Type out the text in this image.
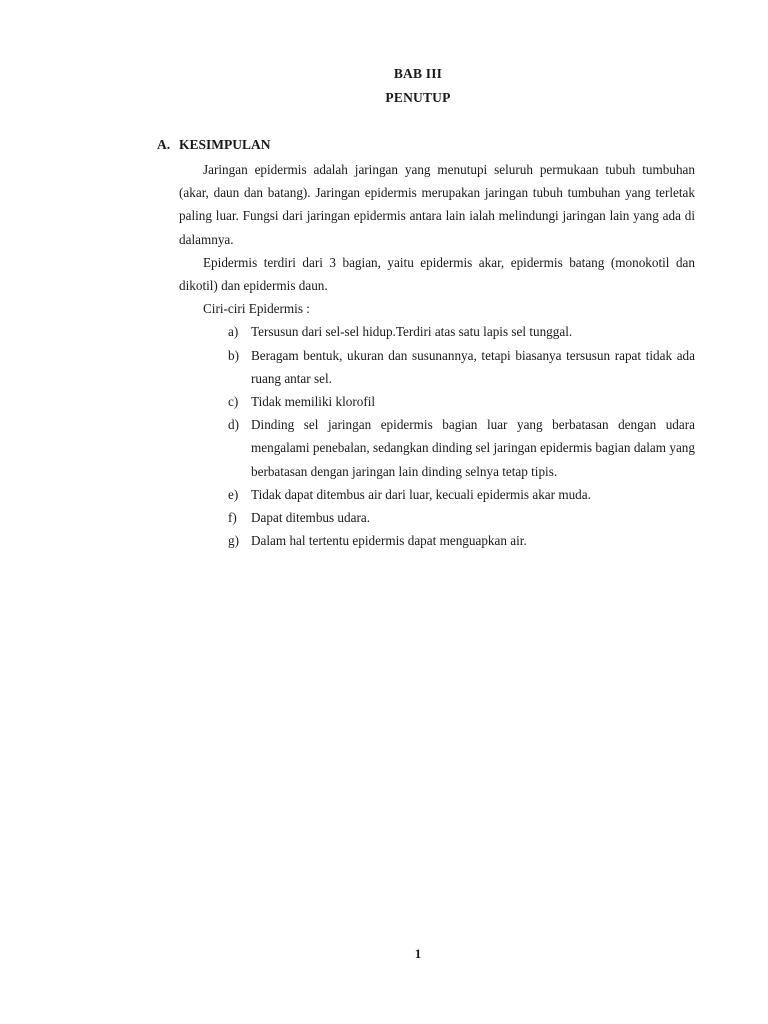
BAB III
PENUTUP
A. KESIMPULAN

Jaringan epidermis adalah jaringan yang menutupi seluruh permukaan tubuh tumbuhan (akar, daun dan batang). Jaringan epidermis merupakan jaringan tubuh tumbuhan yang terletak paling luar. Fungsi dari jaringan epidermis antara lain ialah melindungi jaringan lain yang ada di dalamnya.

Epidermis terdiri dari 3 bagian, yaitu epidermis akar, epidermis batang (monokotil dan dikotil) dan epidermis daun.

Ciri-ciri Epidermis :

a) Tersusun dari sel-sel hidup.Terdiri atas satu lapis sel tunggal.
b) Beragam bentuk, ukuran dan susunannya, tetapi biasanya tersusun rapat tidak ada ruang antar sel.
c) Tidak memiliki klorofil
d) Dinding sel jaringan epidermis bagian luar yang berbatasan dengan udara mengalami penebalan, sedangkan dinding sel jaringan epidermis bagian dalam yang berbatasan dengan jaringan lain dinding selnya tetap tipis.
e) Tidak dapat ditembus air dari luar, kecuali epidermis akar muda.
f) Dapat ditembus udara.
g) Dalam hal tertentu epidermis dapat menguapkan air.
1
